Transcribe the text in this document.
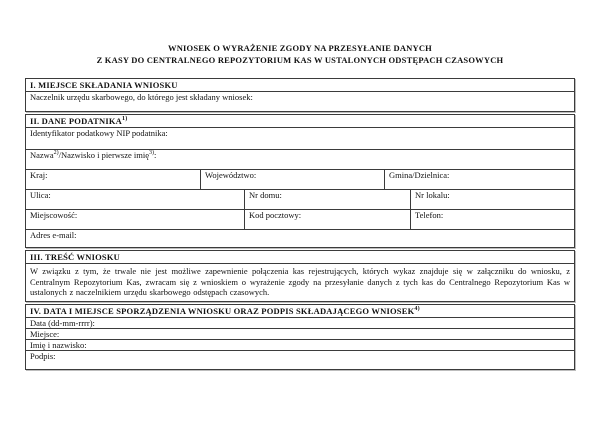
WNIOSEK O WYRAŻENIE ZGODY NA PRZESYŁANIE DANYCH
Z KASY DO CENTRALNEGO REPOZYTORIUM KAS W USTALONYCH ODSTĘPACH CZASOWYCH
I. MIEJSCE SKŁADANIA WNIOSKU
Naczelnik urzędu skarbowego, do którego jest składany wniosek:
II. DANE PODATNIKA$^{1)}$
Identyfikator podatkowy NIP podatnika:
Nazwa$^{2)}$/Nazwisko i pierwsze imię$^{3)}$:
Kraj:	Województwo:	Gmina/Dzielnica:
Ulica:	Nr domu:	Nr lokalu:
Miejscowość:	Kod pocztowy:	Telefon:
Adres e-mail:
III. TREŚĆ WNIOSKU
W związku z tym, że trwale nie jest możliwe zapewnienie połączenia kas rejestrujących, których wykaz znajduje się w załączniku do wniosku, z Centralnym Repozytorium Kas, zwracam się z wnioskiem o wyrażenie zgody na przesyłanie danych z tych kas do Centralnego Repozytorium Kas w ustalonych z naczelnikiem urzędu skarbowego odstępach czasowych.
IV. DATA I MIEJSCE SPORZĄDZENIA WNIOSKU ORAZ PODPIS SKŁADAJĄCEGO WNIOSEK$^{4)}$
Data (dd-mm-rrrr):
Miejsce:
Imię i nazwisko:
Podpis:
